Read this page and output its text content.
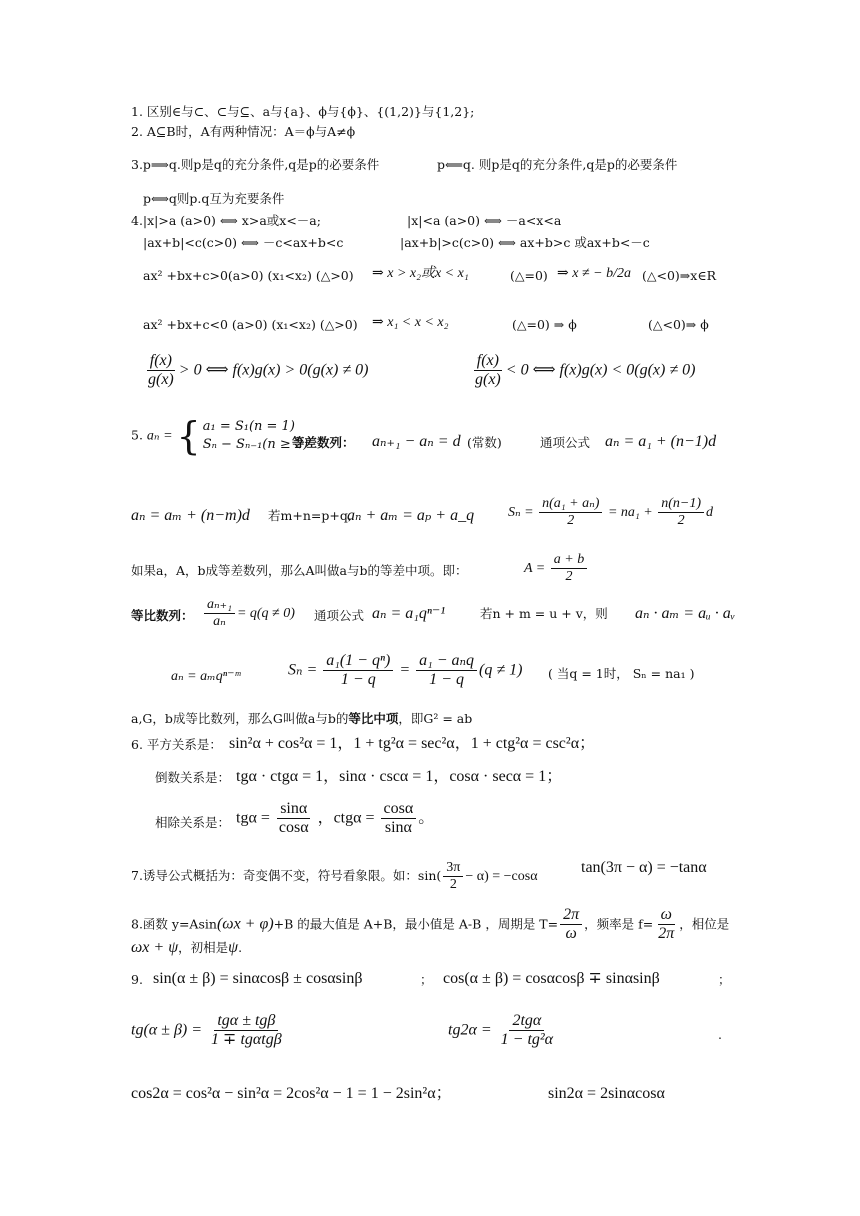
1. 区别∈与⊂、⊂与⊆、a与{a}、ϕ与{ϕ}、{(1,2)}与{1,2};
2. A⊆B时，A有两种情况：A＝ϕ与A≠ϕ
3.p⟹q.则p是q的充分条件,q是p的必要条件	p⟸q. 则p是q的充分条件,q是p的必要条件
p⟺q则p.q互为充要条件
4.|x|>a (a>0) ⟺ x>a或x<－a;	|x|<a (a>0) ⟺ －a<x<a
|ax+b|<c(c>0) ⟺ －c<ax+b<c	|ax+b|>c(c>0) ⟺ ax+b>c 或ax+b<－c
ax² +bx+c>0(a>0) (x₁<x₂) (△>0) ⇒ x > x₂或x < x₁	(△=0) ⇒ x ≠ − b/2a (△<0)⇒x∈R
ax² +bx+c<0 (a>0) (x₁<x₂) (△>0) ⇒ x₁ < x < x₂	(△=0) ⇒ ϕ	(△<0)⇒ ϕ
$\frac{f(x)}{g(x)} > 0$ ⟺ f(x)g(x) > 0(g(x) ≠ 0)	$\frac{f(x)}{g(x)} < 0$ ⟺ f(x)g(x) < 0(g(x) ≠ 0)
5. aₙ = { a₁ = S₁(n = 1)
Sₙ − Sₙ₋₁(n ≥ 2)
等差数列： aₙ₊₁ − aₙ = d (常数)	通项公式 aₙ = a₁ + (n−1)d
aₙ = aₘ + (n−m)d 若m+n=p+q,
aₙ + aₘ = aₚ + a_q $S_n = \frac{\text{n(a₁ + aₙ)}}{2} = na_1 + \frac{n(n-1)}{2}$ d
如果a，A，b成等差数列，那么A叫做a与b的等差中项。即：	$A = \frac{a + b}{2}$
等比数列： $\frac{\text{aₙ₊₁}}{\text{aₙ}} = q(q \ne 0)$ 通项公式 aₙ = a₁qⁿ⁻¹	若n + m = u + v，则 aₙ · aₘ = aᵤ · aᵥ
aₙ = aₘqⁿ⁻ᵐ	$S_n = \frac{\text{a₁(1 − qⁿ)}}{1 - q} = \frac{\text{a₁ − aₙq}}{1 - q} (q \ne 1)$ ( 当q = 1时， Sₙ = na₁ )
a,G，b成等比数列，那么G叫做a与b的等比中项，即G² = ab
6. 平方关系是： sin²α + cos²α = 1，1 + tg²α = sec²α，1 + ctg²α = csc²α；
倒数关系是： tgα · ctgα = 1，sinα · cscα = 1，cosα · secα = 1；
相除关系是： $tg\alpha = \frac{\sin\alpha}{\cos\alpha}$ ，$ctg\alpha = \frac{\cos\alpha}{\sin\alpha}$ 。
7.诱导公式概括为：奇变偶不变，符号看象限。如：$\sin( \frac{3\pi}{2} - \alpha) = -\cos\alpha$
tan(3π − α) = −tanα
8.函数 y=Asin(ωx + φ)+B 的最大值是 A+B，最小值是 A-B ，周期是 $T= \frac{2\pi}{\omega}$ ，频率是 $f= \frac{\omega}{2\pi}$ ，相位是
ωx + ψ，初相是ψ.
9. sin(α ± β) = sinαcosβ ± cosαsinβ	； cos(α ± β) = cosαcosβ ∓ sinαsinβ	；
$tg(\alpha \pm \beta) = \frac{\text{tgα ± tgβ}}{\text{1 ∓ tgαtgβ}}$	$tg2\alpha = \frac{\text{2tgα}}{\text{1 − tg²α}}$	.
cos2α = cos²α − sin²α = 2cos²α − 1 = 1 − 2sin²α；	sin2α = 2sinαcosα
